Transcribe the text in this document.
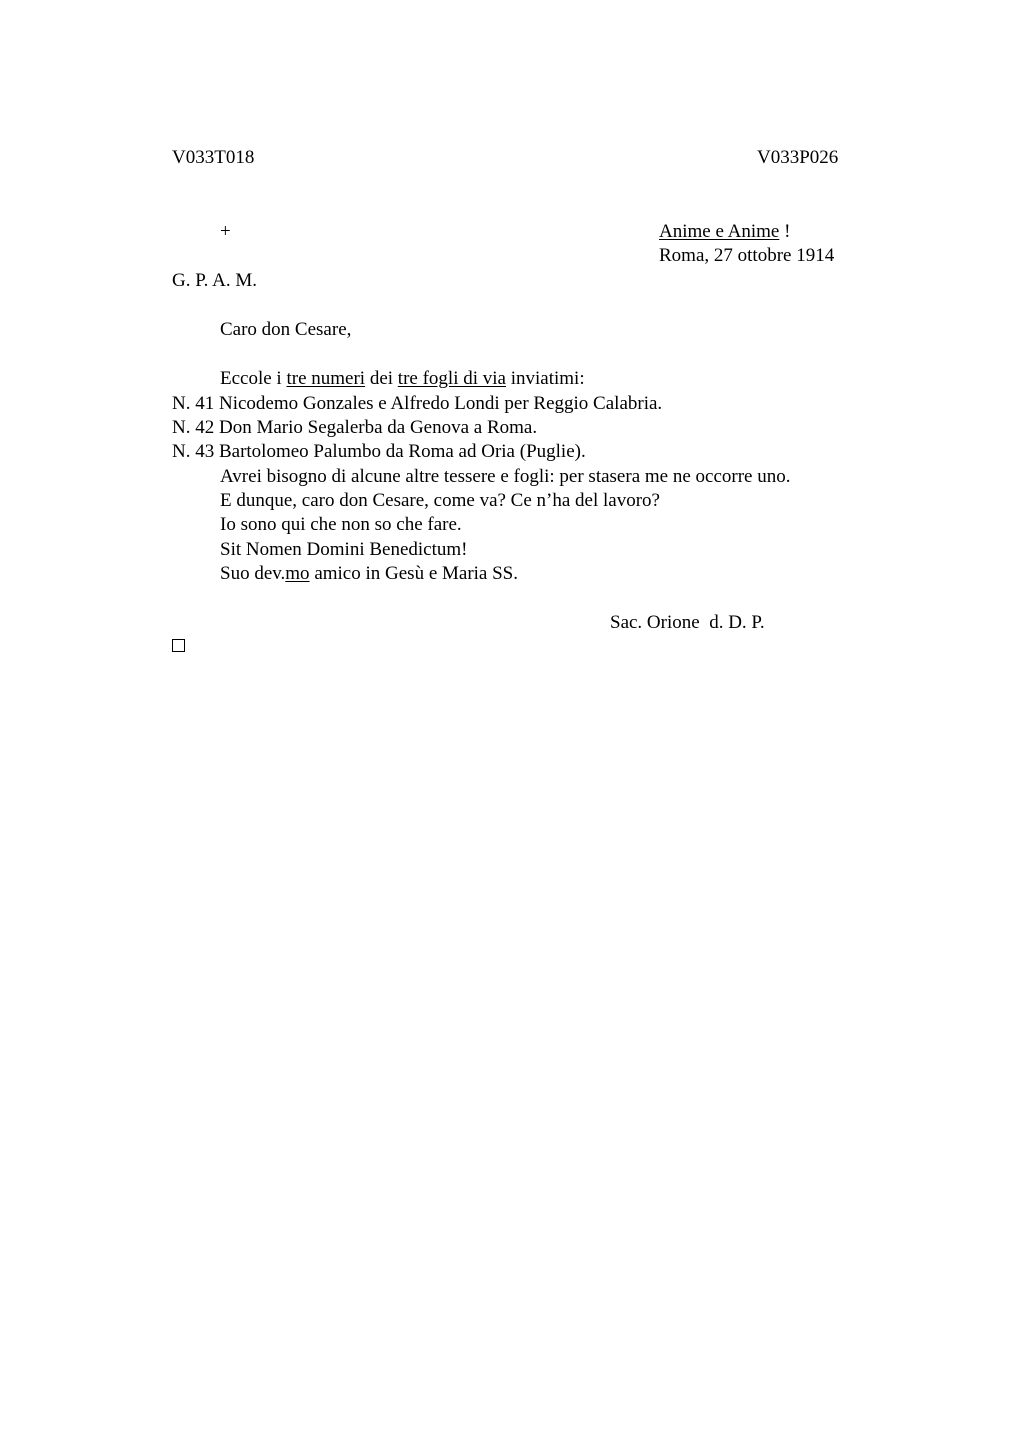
V033T018	V033P026
+	Anime e Anime !
Roma, 27 ottobre 1914
G. P. A. M.
Caro don Cesare,
Eccole i tre numeri dei tre fogli di via inviatimi:
N. 41 Nicodemo Gonzales e Alfredo Londi per Reggio Calabria.
N. 42 Don Mario Segalerba da Genova a Roma.
N. 43 Bartolomeo Palumbo da Roma ad Oria (Puglie).
Avrei bisogno di alcune altre tessere e fogli: per stasera me ne occorre uno.
E dunque, caro don Cesare, come va? Ce n’ha del lavoro?
Io sono qui che non so che fare.
Sit Nomen Domini Benedictum!
Suo dev.mo amico in Gesù e Maria SS.
Sac. Orione  d. D. P.
